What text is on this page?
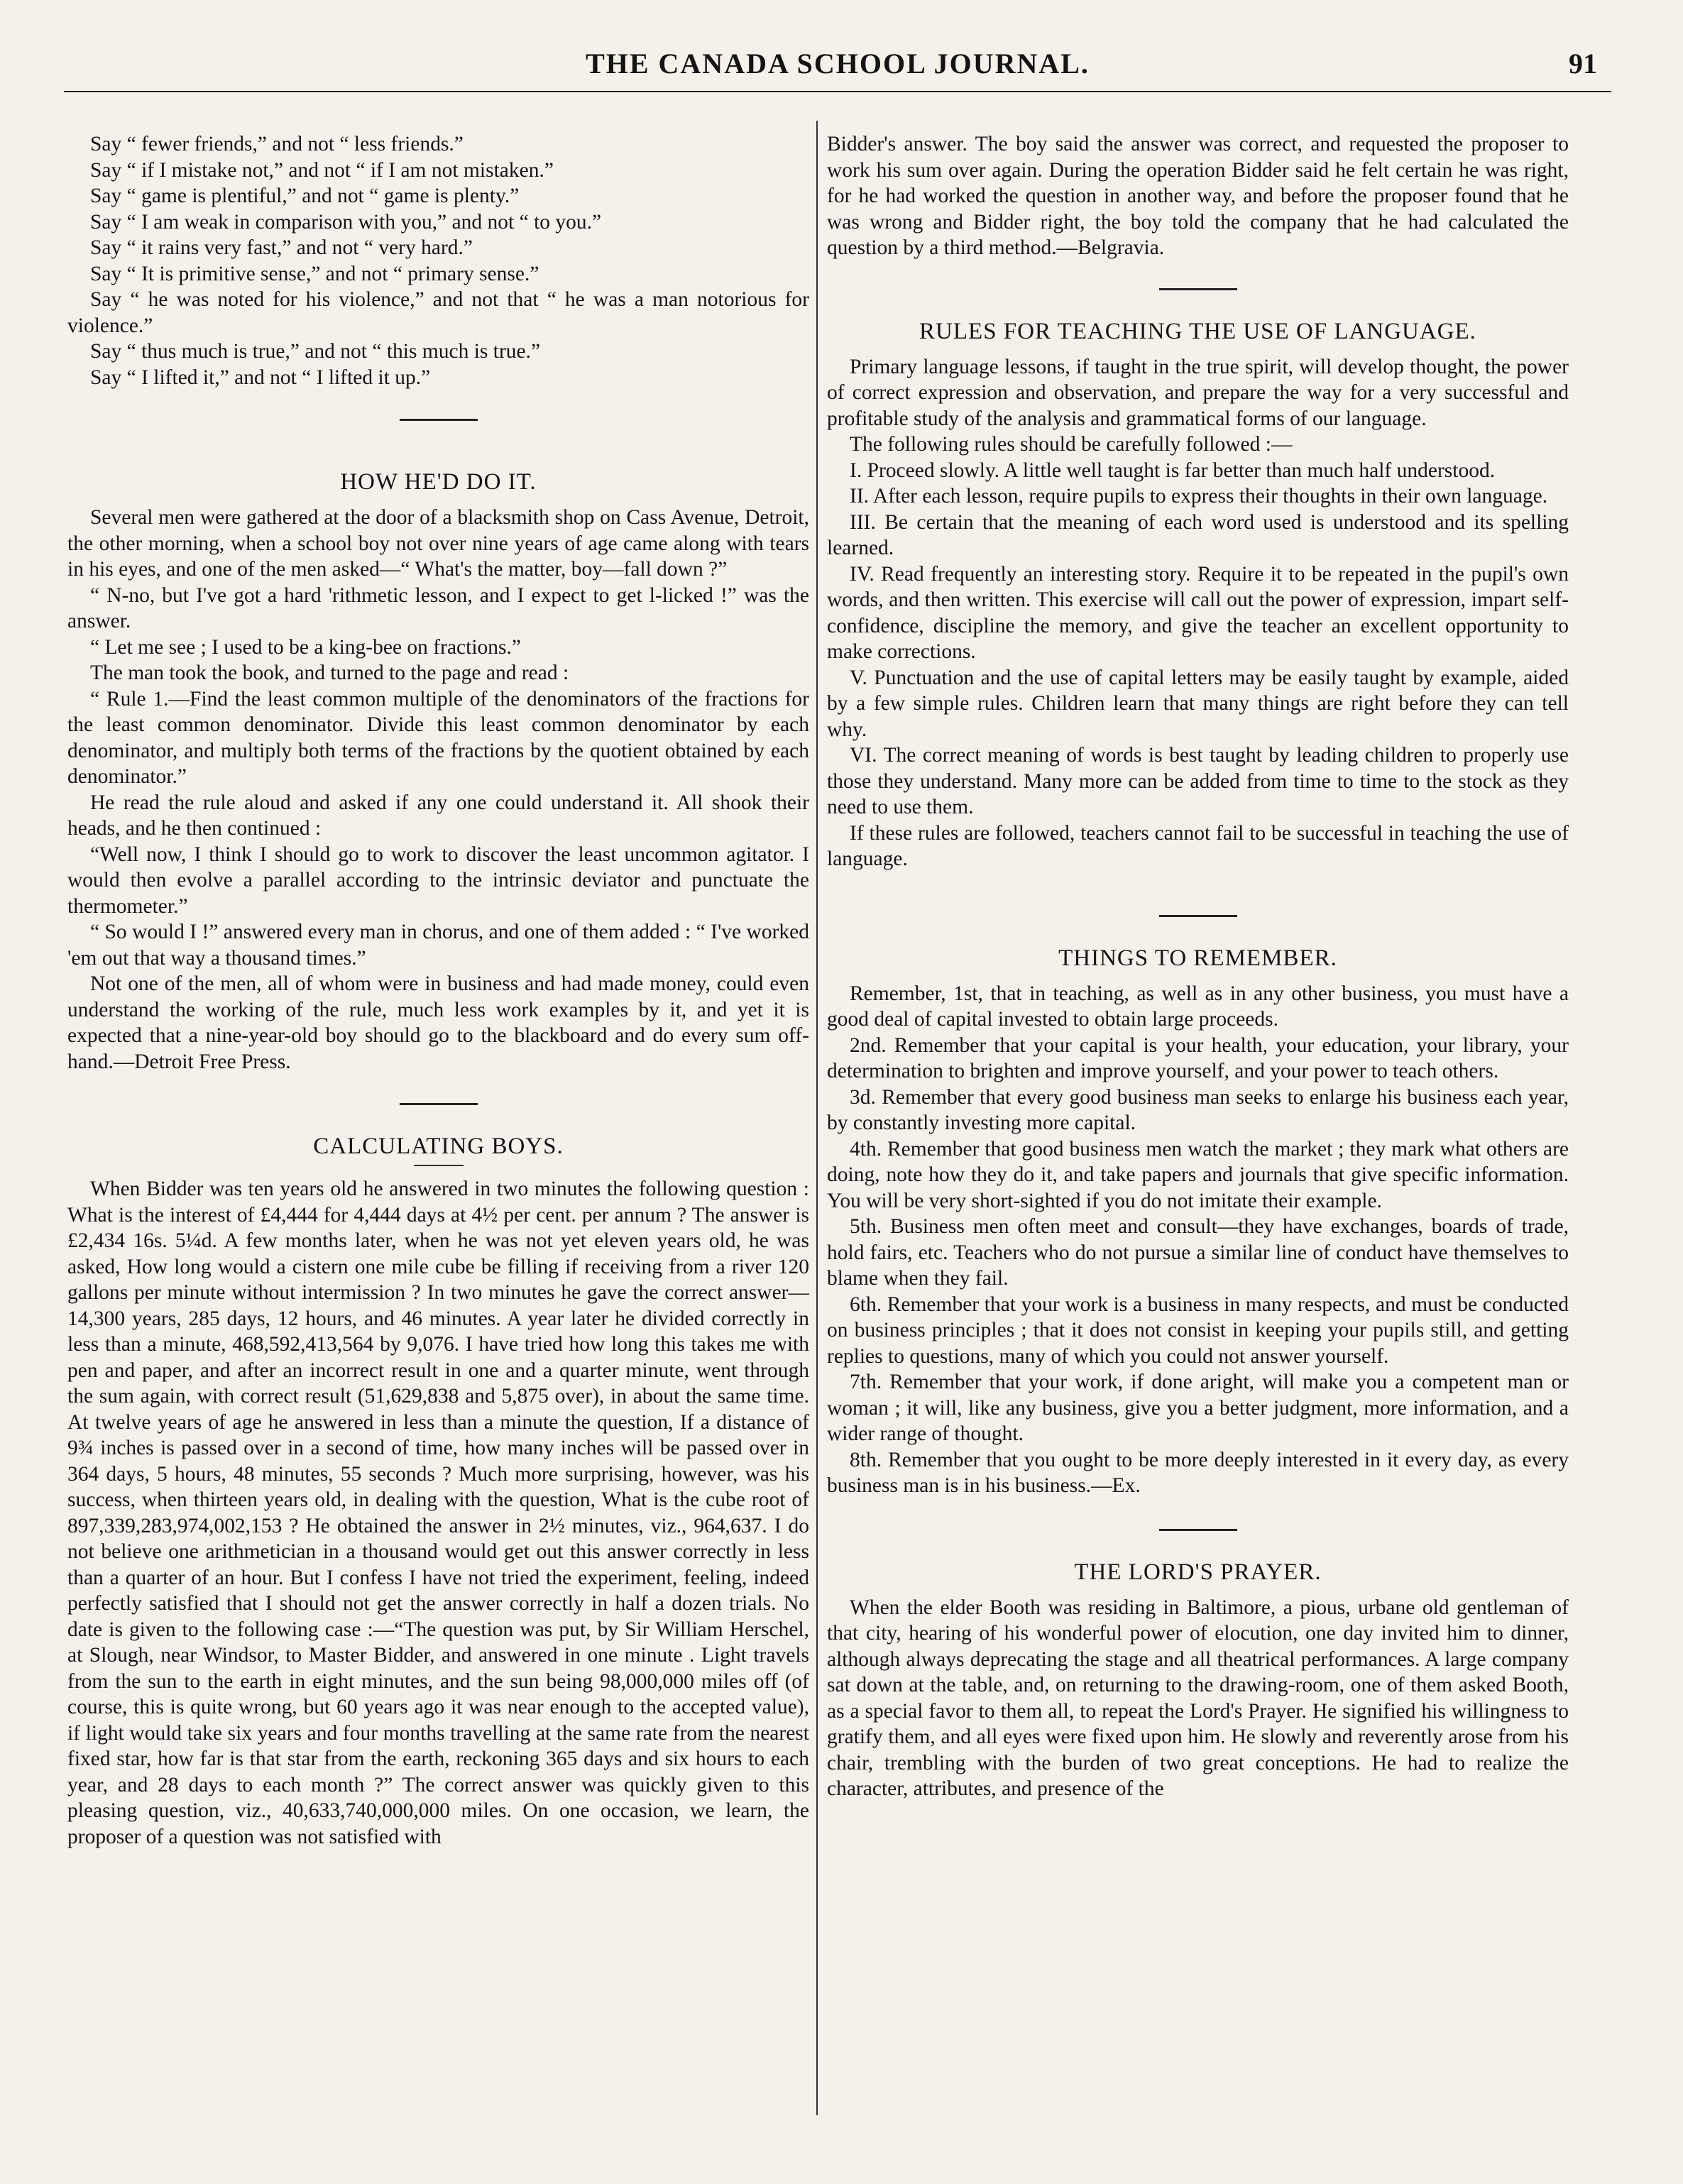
THE CANADA SCHOOL JOURNAL.	91

Say “ fewer friends,” and not “ less friends.”

Say “ if I mistake not,” and not “ if I am not mistaken.”

Say “ game is plentiful,” and not “ game is plenty.”

Say “ I am weak in comparison with you,” and not “ to you.”

Say “ it rains very fast,” and not “ very hard.”

Say “ It is primitive sense,” and not “ primary sense.”

Say “ he was noted for his violence,” and not that “ he was a man notorious for violence.”

Say “ thus much is true,” and not “ this much is true.”

Say “ I lifted it,” and not “ I lifted it up.”

HOW HE'D DO IT.

Several men were gathered at the door of a blacksmith shop on Cass Avenue, Detroit, the other morning, when a school boy not over nine years of age came along with tears in his eyes, and one of the men asked—“ What's the matter, boy—fall down ?”

“ N-no, but I've got a hard 'rithmetic lesson, and I expect to get l-licked !” was the answer.

“ Let me see ; I used to be a king-bee on fractions.”

The man took the book, and turned to the page and read :

“ Rule 1.—Find the least common multiple of the denominators of the fractions for the least common denominator. Divide this least common denominator by each denominator, and multiply both terms of the fractions by the quotient obtained by each denominator.”

He read the rule aloud and asked if any one could understand it. All shook their heads, and he then continued :

“Well now, I think I should go to work to discover the least uncommon agitator. I would then evolve a parallel according to the intrinsic deviator and punctuate the thermometer.”

“ So would I !” answered every man in chorus, and one of them added : “ I've worked 'em out that way a thousand times.”

Not one of the men, all of whom were in business and had made money, could even understand the working of the rule, much less work examples by it, and yet it is expected that a nine-year-old boy should go to the blackboard and do every sum off-hand.—Detroit Free Press.

CALCULATING BOYS.

When Bidder was ten years old he answered in two minutes the following question : What is the interest of £4,444 for 4,444 days at 4½ per cent. per annum ? The answer is £2,434 16s. 5¼d. A few months later, when he was not yet eleven years old, he was asked, How long would a cistern one mile cube be filling if receiving from a river 120 gallons per minute without intermission ? In two minutes he gave the correct answer—14,300 years, 285 days, 12 hours, and 46 minutes. A year later he divided correctly in less than a minute, 468,592,413,564 by 9,076. I have tried how long this takes me with pen and paper, and after an incorrect result in one and a quarter minute, went through the sum again, with correct result (51,629,838 and 5,875 over), in about the same time. At twelve years of age he answered in less than a minute the question, If a distance of 9¾ inches is passed over in a second of time, how many inches will be passed over in 364 days, 5 hours, 48 minutes, 55 seconds ? Much more surprising, however, was his success, when thirteen years old, in dealing with the question, What is the cube root of 897,339,283,974,002,153 ? He obtained the answer in 2½ minutes, viz., 964,637. I do not believe one arithmetician in a thousand would get out this answer correctly in less than a quarter of an hour. But I confess I have not tried the experiment, feeling, indeed perfectly satisfied that I should not get the answer correctly in half a dozen trials. No date is given to the following case :—“The question was put, by Sir William Herschel, at Slough, near Windsor, to Master Bidder, and answered in one minute . Light travels from the sun to the earth in eight minutes, and the sun being 98,000,000 miles off (of course, this is quite wrong, but 60 years ago it was near enough to the accepted value), if light would take six years and four months travelling at the same rate from the nearest fixed star, how far is that star from the earth, reckoning 365 days and six hours to each year, and 28 days to each month ?” The correct answer was quickly given to this pleasing question, viz., 40,633,740,000,000 miles. On one occasion, we learn, the proposer of a question was not satisfied with

Bidder's answer. The boy said the answer was correct, and requested the proposer to work his sum over again. During the operation Bidder said he felt certain he was right, for he had worked the question in another way, and before the proposer found that he was wrong and Bidder right, the boy told the company that he had calculated the question by a third method.—Belgravia.

RULES FOR TEACHING THE USE OF LANGUAGE.

Primary language lessons, if taught in the true spirit, will develop thought, the power of correct expression and observation, and prepare the way for a very successful and profitable study of the analysis and grammatical forms of our language.

The following rules should be carefully followed :—

I. Proceed slowly. A little well taught is far better than much half understood.

II. After each lesson, require pupils to express their thoughts in their own language.

III. Be certain that the meaning of each word used is understood and its spelling learned.

IV. Read frequently an interesting story. Require it to be repeated in the pupil's own words, and then written. This exercise will call out the power of expression, impart self-confidence, discipline the memory, and give the teacher an excellent opportunity to make corrections.

V. Punctuation and the use of capital letters may be easily taught by example, aided by a few simple rules. Children learn that many things are right before they can tell why.

VI. The correct meaning of words is best taught by leading children to properly use those they understand. Many more can be added from time to time to the stock as they need to use them.

If these rules are followed, teachers cannot fail to be successful in teaching the use of language.

THINGS TO REMEMBER.

Remember, 1st, that in teaching, as well as in any other business, you must have a good deal of capital invested to obtain large proceeds.

2nd. Remember that your capital is your health, your education, your library, your determination to brighten and improve yourself, and your power to teach others.

3d. Remember that every good business man seeks to enlarge his business each year, by constantly investing more capital.

4th. Remember that good business men watch the market ; they mark what others are doing, note how they do it, and take papers and journals that give specific information. You will be very short-sighted if you do not imitate their example.

5th. Business men often meet and consult—they have exchanges, boards of trade, hold fairs, etc. Teachers who do not pursue a similar line of conduct have themselves to blame when they fail.

6th. Remember that your work is a business in many respects, and must be conducted on business principles ; that it does not consist in keeping your pupils still, and getting replies to questions, many of which you could not answer yourself.

7th. Remember that your work, if done aright, will make you a competent man or woman ; it will, like any business, give you a better judgment, more information, and a wider range of thought.

8th. Remember that you ought to be more deeply interested in it every day, as every business man is in his business.—Ex.

THE LORD'S PRAYER.

When the elder Booth was residing in Baltimore, a pious, urbane old gentleman of that city, hearing of his wonderful power of elocution, one day invited him to dinner, although always deprecating the stage and all theatrical performances. A large company sat down at the table, and, on returning to the drawing-room, one of them asked Booth, as a special favor to them all, to repeat the Lord's Prayer. He signified his willingness to gratify them, and all eyes were fixed upon him. He slowly and reverently arose from his chair, trembling with the burden of two great conceptions. He had to realize the character, attributes, and presence of the
